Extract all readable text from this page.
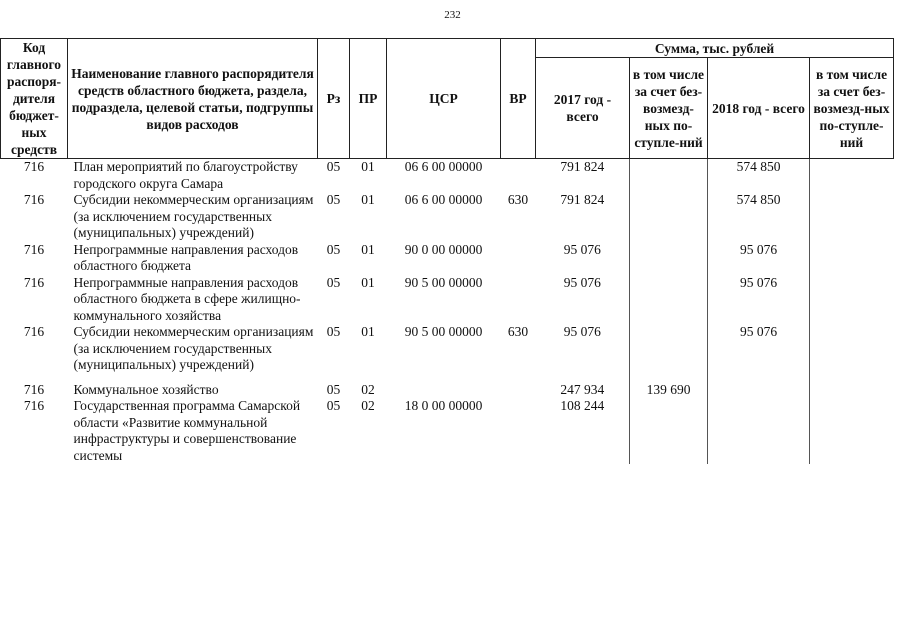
232
Код главного распоря-дителя бюджет-ных средств	Наименование главного распорядителя средств областного бюджета, раздела, подраздела, целевой статьи, подгруппы видов расходов	Рз	ПР	ЦСР	ВР	Сумма, тыс. рублей			
						2017 год - всего	в том числе за счет без-возмезд-ных по-ступле-ний	2018 год - всего	в том числе за счет без-возмезд-ных по-ступле-ний
716	План мероприятий по благоустройству городского округа Самара	05	01	06 6 00 00000		791 824		574 850	
716	Субсидии некоммерческим организациям (за исключением государственных (муниципальных) учреждений)	05	01	06 6 00 00000	630	791 824		574 850	
716	Непрограммные направления расходов областного бюджета	05	01	90 0 00 00000		95 076		95 076	
716	Непрограммные направления расходов областного бюджета в сфере жилищно-коммунального хозяйства	05	01	90 5 00 00000		95 076		95 076	
716	Субсидии некоммерческим организациям (за исключением государственных (муниципальных) учреждений)	05	01	90 5 00 00000	630	95 076		95 076	
716	Коммунальное хозяйство	05	02			247 934	139 690		
716	Государственная программа Самарской области «Развитие коммунальной инфраструктуры и совершенствование системы	05	02	18 0 00 00000		108 244			
